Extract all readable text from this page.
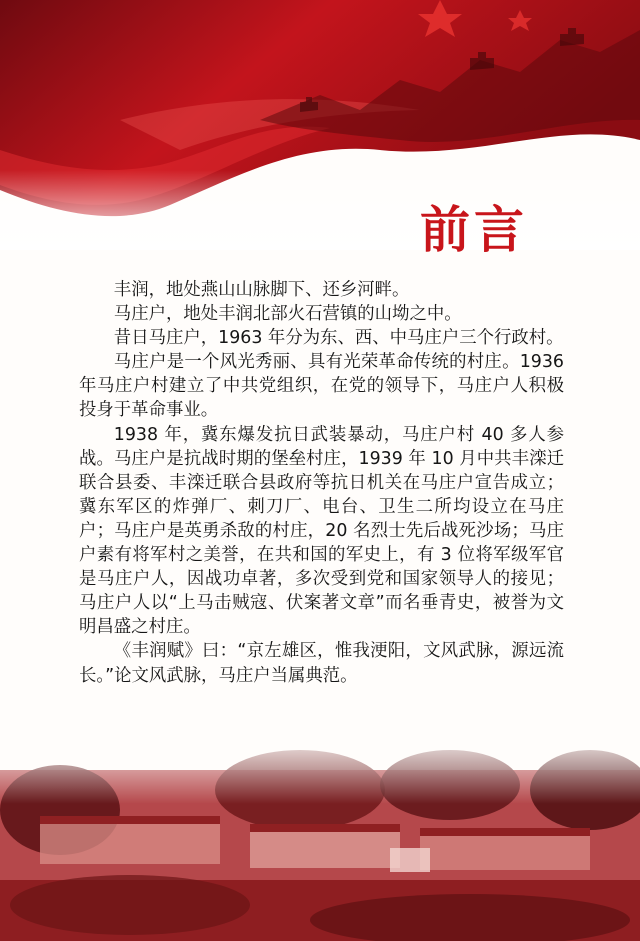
前言

丰润，地处燕山山脉脚下、还乡河畔。

马庄户，地处丰润北部火石营镇的山坳之中。

昔日马庄户，1963 年分为东、西、中马庄户三个行政村。

马庄户是一个风光秀丽、具有光荣革命传统的村庄。1936 年马庄户村建立了中共党组织，在党的领导下，马庄户人积极投身于革命事业。

1938 年，冀东爆发抗日武装暴动，马庄户村 40 多人参战。马庄户是抗战时期的堡垒村庄，1939 年 10 月中共丰滦迁联合县委、丰滦迁联合县政府等抗日机关在马庄户宣告成立；冀东军区的炸弹厂、刺刀厂、电台、卫生二所均设立在马庄户；马庄户是英勇杀敌的村庄，20 名烈士先后战死沙场；马庄户素有将军村之美誉，在共和国的军史上，有 3 位将军级军官是马庄户人，因战功卓著，多次受到党和国家领导人的接见；马庄户人以“上马击贼寇、伏案著文章”而名垂青史，被誉为文明昌盛之村庄。

《丰润赋》曰：“京左雄区，惟我浭阳，文风武脉，源远流长。”论文风武脉，马庄户当属典范。
